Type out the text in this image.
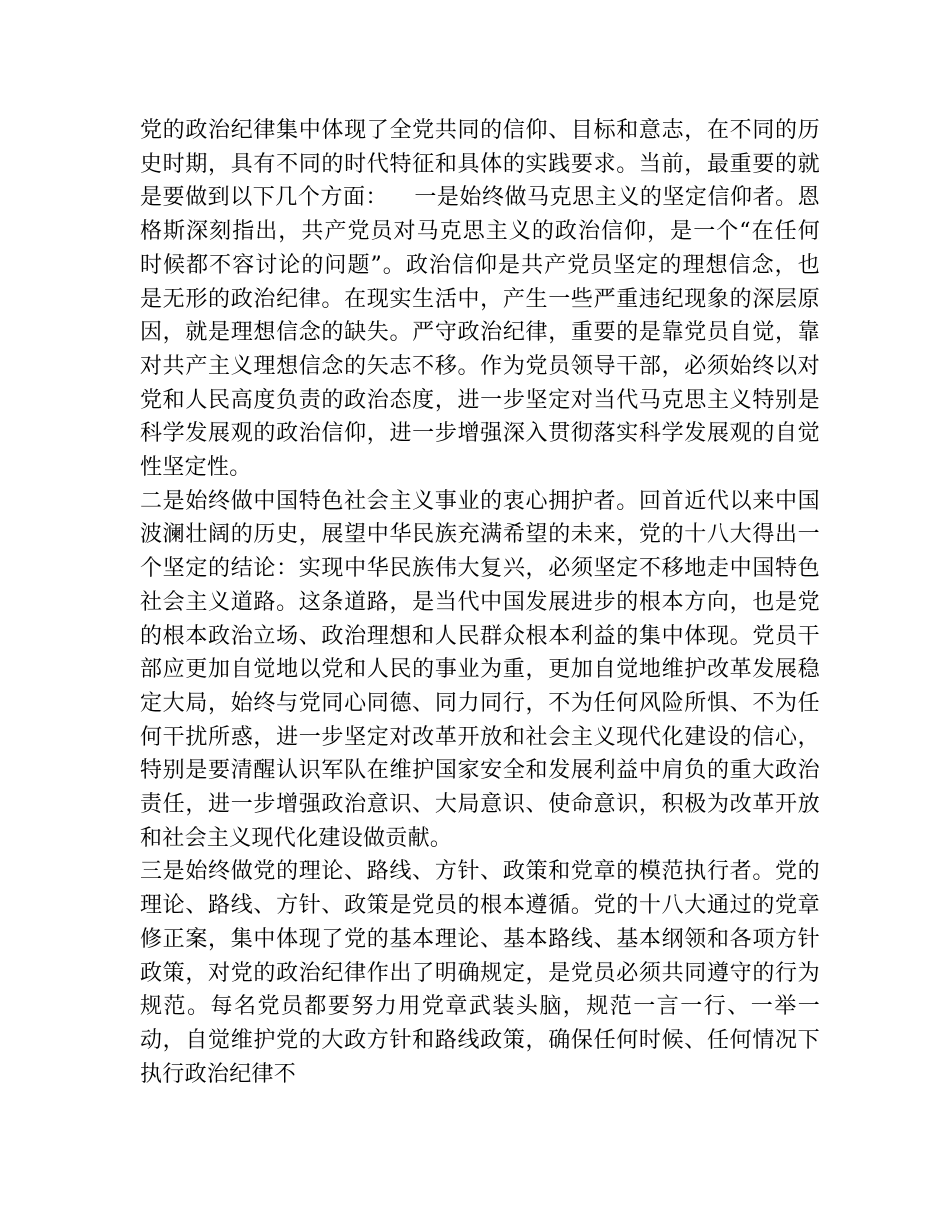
党的政治纪律集中体现了全党共同的信仰、目标和意志，在不同的历史时期，具有不同的时代特征和具体的实践要求。当前，最重要的就是要做到以下几个方面： 一是始终做马克思主义的坚定信仰者。恩格斯深刻指出，共产党员对马克思主义的政治信仰，是一个“在任何时候都不容讨论的问题”。政治信仰是共产党员坚定的理想信念，也是无形的政治纪律。在现实生活中，产生一些严重违纪现象的深层原因，就是理想信念的缺失。严守政治纪律，重要的是靠党员自觉，靠对共产主义理想信念的矢志不移。作为党员领导干部，必须始终以对党和人民高度负责的政治态度，进一步坚定对当代马克思主义特别是科学发展观的政治信仰，进一步增强深入贯彻落实科学发展观的自觉性坚定性。

二是始终做中国特色社会主义事业的衷心拥护者。回首近代以来中国波澜壮阔的历史，展望中华民族充满希望的未来，党的十八大得出一个坚定的结论：实现中华民族伟大复兴，必须坚定不移地走中国特色社会主义道路。这条道路，是当代中国发展进步的根本方向，也是党的根本政治立场、政治理想和人民群众根本利益的集中体现。党员干部应更加自觉地以党和人民的事业为重，更加自觉地维护改革发展稳定大局，始终与党同心同德、同力同行，不为任何风险所惧、不为任何干扰所惑，进一步坚定对改革开放和社会主义现代化建设的信心，特别是要清醒认识军队在维护国家安全和发展利益中肩负的重大政治责任，进一步增强政治意识、大局意识、使命意识，积极为改革开放和社会主义现代化建设做贡献。

三是始终做党的理论、路线、方针、政策和党章的模范执行者。党的理论、路线、方针、政策是党员的根本遵循。党的十八大通过的党章修正案，集中体现了党的基本理论、基本路线、基本纲领和各项方针政策，对党的政治纪律作出了明确规定，是党员必须共同遵守的行为规范。每名党员都要努力用党章武装头脑，规范一言一行、一举一动，自觉维护党的大政方针和路线政策，确保任何时候、任何情况下执行政治纪律不
